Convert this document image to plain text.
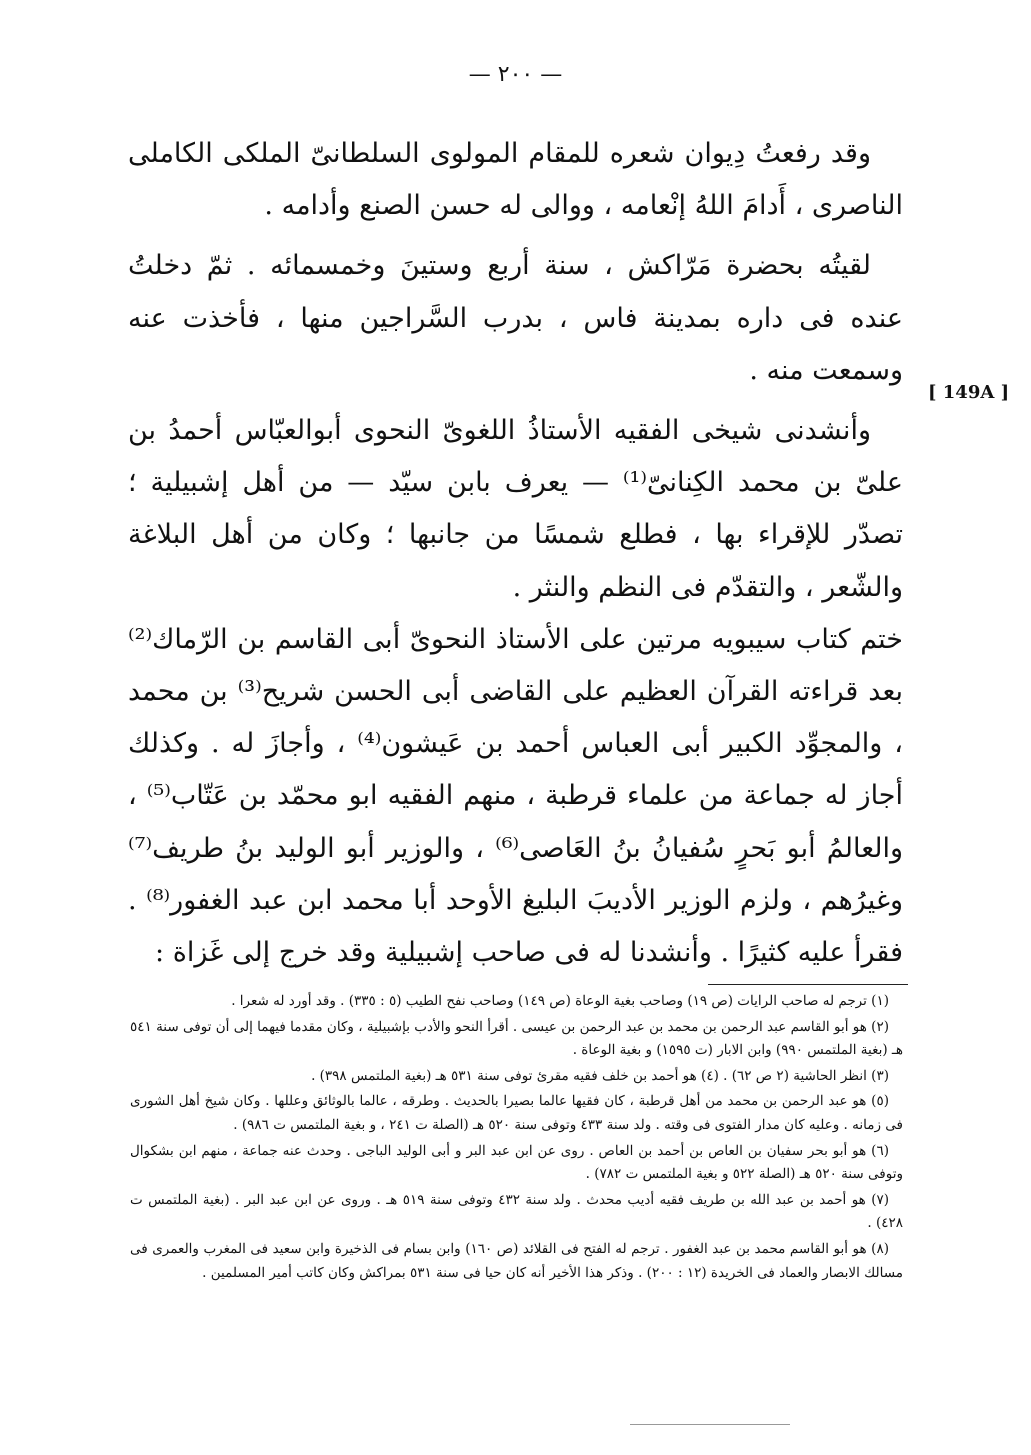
— ٢٠٠ —
[ 149A ]

وقد رفعتُ دِيوان شعره للمقام المولوى السلطانىّ الملكى الكاملى الناصرى ، أَدامَ اللهُ إنْعامه ، ووالى له حسن الصنع وأدامه .

لقيتُه بحضرة مَرّاكش ، سنة أربع وستينَ وخمسمائه . ثمّ دخلتُ عنده فى داره بمدينة فاس ، بدرب السَّراجين منها ، فأخذت عنه وسمعت منه .

وأنشدنى شيخى الفقيه الأستاذُ اللغوىّ النحوى أبوالعبّاس أحمدُ بن علىّ بن محمد الكِنانىّ⁽¹⁾ — يعرف بابن سيّد — من أهل إشبيلية ؛ تصدّر للإقراء بها ، فطلع شمسًا من جانبها ؛ وكان من أهل البلاغة والشّعر ، والتقدّم فى النظم والنثر .

ختم كتاب سيبويه مرتين على الأستاذ النحوىّ أبى القاسم بن الرّماك⁽²⁾ بعد قراءته القرآن العظيم على القاضى أبى الحسن شريح⁽³⁾ بن محمد ، والمجوِّد الكبير أبى العباس أحمد بن عَيشون⁽⁴⁾ ، وأجازَ له . وكذلك أجاز له جماعة من علماء قرطبة ، منهم الفقيه ابو محمّد بن عَتّاب⁽⁵⁾ ، والعالمُ أبو بَحرٍ سُفيانُ بنُ العَاصى⁽⁶⁾ ، والوزير أبو الوليد بنُ طريف⁽⁷⁾ وغيرُهم ، ولزم الوزير الأديبَ البليغ الأوحد أبا محمد ابن عبد الغفور⁽⁸⁾ . فقرأ عليه كثيرًا . وأنشدنا له فى صاحب إشبيلية وقد خرج إلى غَزاة :

(١) ترجم له صاحب الرايات (ص ١٩) وصاحب بغية الوعاة (ص ١٤٩) وصاحب نفح الطيب (٥ : ٣٣٥) . وقد أورد له شعرا .

(٢) هو أبو القاسم عبد الرحمن بن محمد بن عبد الرحمن بن عيسى . أقرأ النحو والأدب بإشبيلية ، وكان مقدما فيهما إلى أن توفى سنة ٥٤١ هـ (بغية الملتمس ٩٩٠) وابن الابار (ت ١٥٩٥) و بغية الوعاة .

(٣) انظر الحاشية (٢ ص ٦٢) . (٤) هو أحمد بن خلف فقيه مقرئ توفى سنة ٥٣١ هـ (بغية الملتمس ٣٩٨) .

(٥) هو عبد الرحمن بن محمد من أهل قرطبة ، كان فقيها عالما بصيرا بالحديث . وطرقه ، عالما بالوثائق وعللها . وكان شيخ أهل الشورى فى زمانه . وعليه كان مدار الفتوى فى وقته . ولد سنة ٤٣٣ وتوفى سنة ٥٢٠ هـ (الصلة ت ٢٤١ ، و بغية الملتمس ت ٩٨٦) .

(٦) هو أبو بحر سفيان بن العاص بن أحمد بن العاص . روى عن ابن عبد البر و أبى الوليد الباجى . وحدث عنه جماعة ، منهم ابن بشكوال وتوفى سنة ٥٢٠ هـ (الصلة ٥٢٢ و بغية الملتمس ت ٧٨٢) .

(٧) هو أحمد بن عبد الله بن طريف فقيه أديب محدث . ولد سنة ٤٣٢ وتوفى سنة ٥١٩ هـ . وروى عن ابن عبد البر . (بغية الملتمس ت ٤٢٨) .

(٨) هو أبو القاسم محمد بن عبد الغفور . ترجم له الفتح فى القلائد (ص ١٦٠) وابن بسام فى الذخيرة وابن سعيد فى المغرب والعمرى فى مسالك الابصار والعماد فى الخريدة (١٢ : ٢٠٠) . وذكر هذا الأخير أنه كان حيا فى سنة ٥٣١ بمراكش وكان كاتب أمير المسلمين .
